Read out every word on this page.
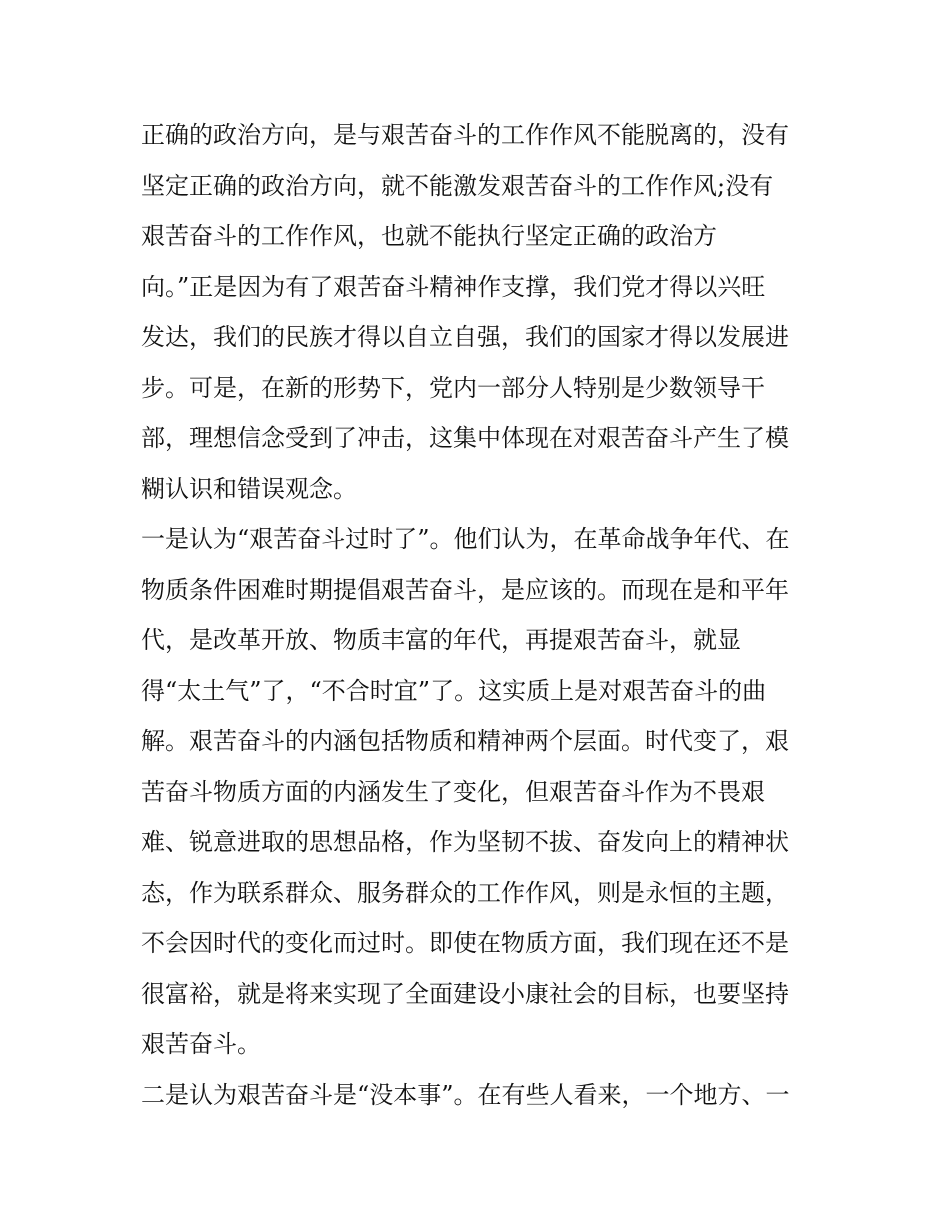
正确的政治方向，是与艰苦奋斗的工作作风不能脱离的，没有
坚定正确的政治方向，就不能激发艰苦奋斗的工作作风;没有
艰苦奋斗的工作作风，也就不能执行坚定正确的政治方
向。”正是因为有了艰苦奋斗精神作支撑，我们党才得以兴旺
发达，我们的民族才得以自立自强，我们的国家才得以发展进
步。可是，在新的形势下，党内一部分人特别是少数领导干
部，理想信念受到了冲击，这集中体现在对艰苦奋斗产生了模
糊认识和错误观念。
一是认为“艰苦奋斗过时了”。他们认为，在革命战争年代、在
物质条件困难时期提倡艰苦奋斗，是应该的。而现在是和平年
代，是改革开放、物质丰富的年代，再提艰苦奋斗，就显
得“太土气”了，“不合时宜”了。这实质上是对艰苦奋斗的曲
解。艰苦奋斗的内涵包括物质和精神两个层面。时代变了，艰
苦奋斗物质方面的内涵发生了变化，但艰苦奋斗作为不畏艰
难、锐意进取的思想品格，作为坚韧不拔、奋发向上的精神状
态，作为联系群众、服务群众的工作作风，则是永恒的主题，
不会因时代的变化而过时。即使在物质方面，我们现在还不是
很富裕，就是将来实现了全面建设小康社会的目标，也要坚持
艰苦奋斗。
二是认为艰苦奋斗是“没本事”。在有些人看来，一个地方、一
